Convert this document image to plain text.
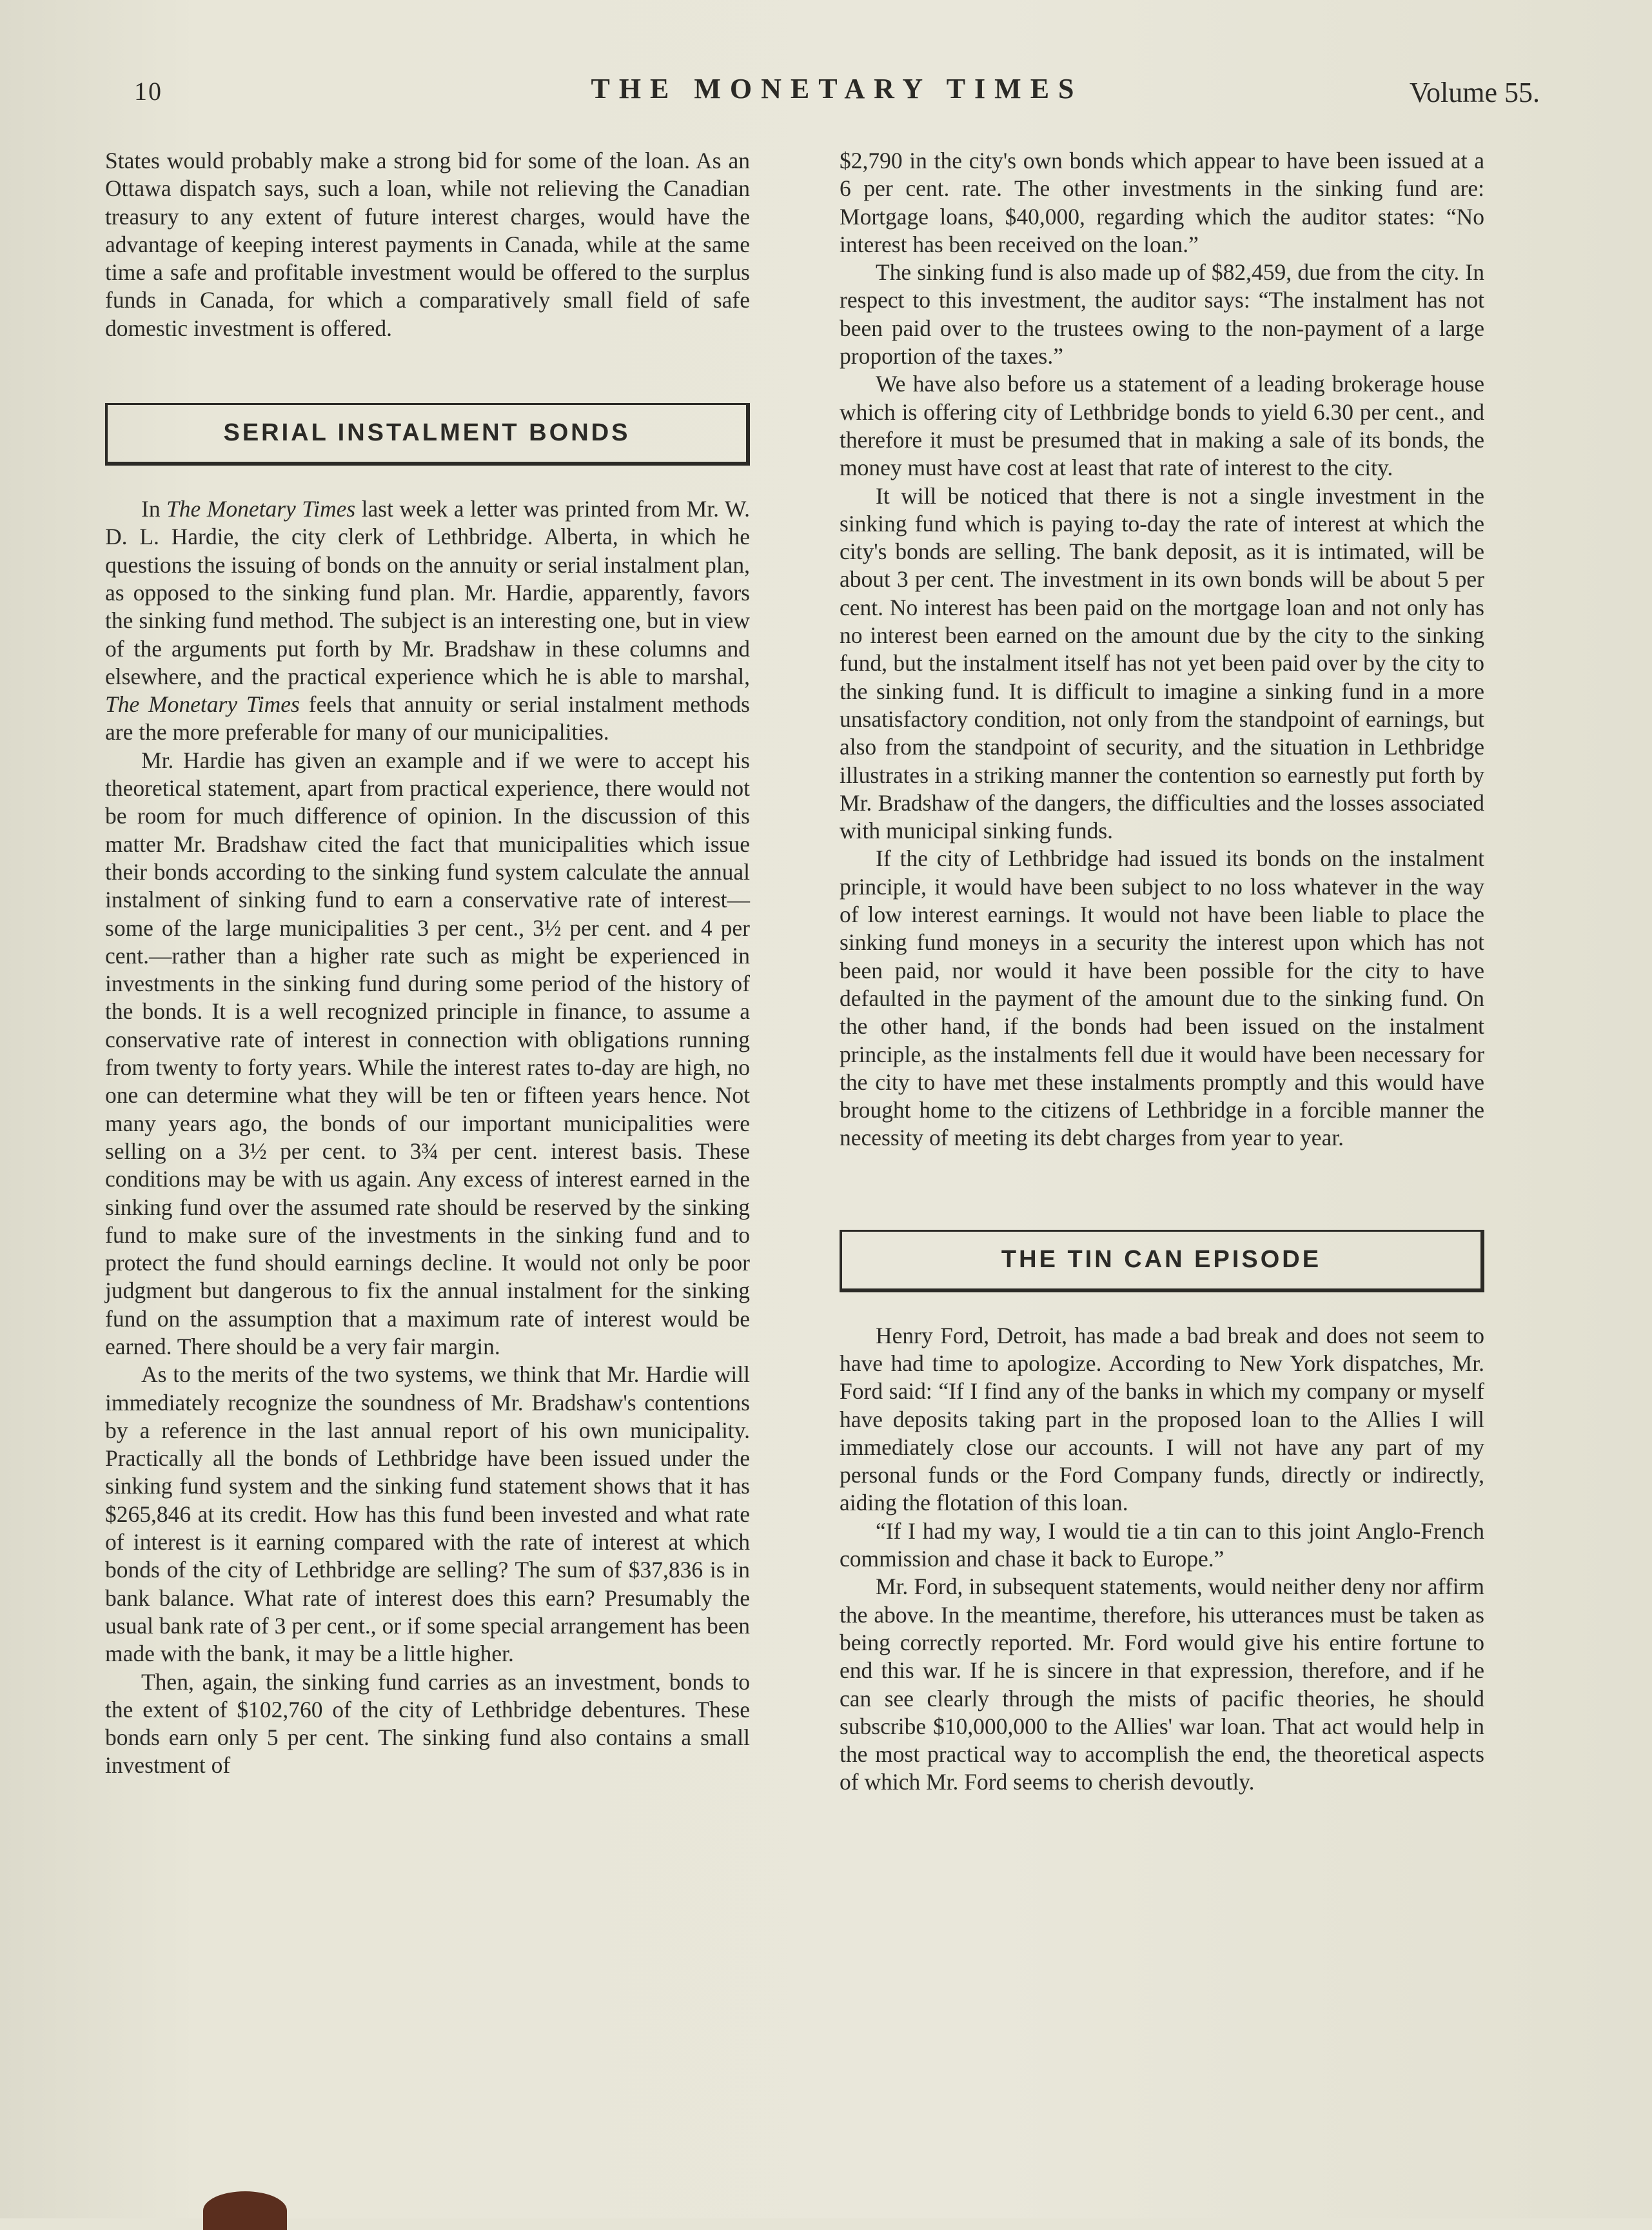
10	THE MONETARY TIMES	Volume 55.

States would probably make a strong bid for some of the loan. As an Ottawa dispatch says, such a loan, while not relieving the Canadian treasury to any extent of future interest charges, would have the advantage of keeping interest payments in Canada, while at the same time a safe and profitable investment would be offered to the surplus funds in Canada, for which a comparatively small field of safe domestic investment is offered.

SERIAL INSTALMENT BONDS

In The Monetary Times last week a letter was printed from Mr. W. D. L. Hardie, the city clerk of Lethbridge. Alberta, in which he questions the issuing of bonds on the annuity or serial instalment plan, as opposed to the sinking fund plan. Mr. Hardie, apparently, favors the sinking fund method. The subject is an interesting one, but in view of the arguments put forth by Mr. Bradshaw in these columns and elsewhere, and the practical experience which he is able to marshal, The Monetary Times feels that annuity or serial instalment methods are the more preferable for many of our municipalities.

Mr. Hardie has given an example and if we were to accept his theoretical statement, apart from practical experience, there would not be room for much difference of opinion. In the discussion of this matter Mr. Bradshaw cited the fact that municipalities which issue their bonds according to the sinking fund system calculate the annual instalment of sinking fund to earn a conservative rate of interest—some of the large municipalities 3 per cent., 3½ per cent. and 4 per cent.—rather than a higher rate such as might be experienced in investments in the sinking fund during some period of the history of the bonds. It is a well recognized principle in finance, to assume a conservative rate of interest in connection with obligations running from twenty to forty years. While the interest rates to-day are high, no one can determine what they will be ten or fifteen years hence. Not many years ago, the bonds of our important municipalities were selling on a 3½ per cent. to 3¾ per cent. interest basis. These conditions may be with us again. Any excess of interest earned in the sinking fund over the assumed rate should be reserved by the sinking fund to make sure of the investments in the sinking fund and to protect the fund should earnings decline. It would not only be poor judgment but dangerous to fix the annual instalment for the sinking fund on the assumption that a maximum rate of interest would be earned. There should be a very fair margin.

As to the merits of the two systems, we think that Mr. Hardie will immediately recognize the soundness of Mr. Bradshaw's contentions by a reference in the last annual report of his own municipality. Practically all the bonds of Lethbridge have been issued under the sinking fund system and the sinking fund statement shows that it has $265,846 at its credit. How has this fund been invested and what rate of interest is it earning compared with the rate of interest at which bonds of the city of Lethbridge are selling? The sum of $37,836 is in bank balance. What rate of interest does this earn? Presumably the usual bank rate of 3 per cent., or if some special arrangement has been made with the bank, it may be a little higher.

Then, again, the sinking fund carries as an investment, bonds to the extent of $102,760 of the city of Lethbridge debentures. These bonds earn only 5 per cent. The sinking fund also contains a small investment of

$2,790 in the city's own bonds which appear to have been issued at a 6 per cent. rate. The other investments in the sinking fund are: Mortgage loans, $40,000, regarding which the auditor states: “No interest has been received on the loan.”

The sinking fund is also made up of $82,459, due from the city. In respect to this investment, the auditor says: “The instalment has not been paid over to the trustees owing to the non-payment of a large proportion of the taxes.”

We have also before us a statement of a leading brokerage house which is offering city of Lethbridge bonds to yield 6.30 per cent., and therefore it must be presumed that in making a sale of its bonds, the money must have cost at least that rate of interest to the city.

It will be noticed that there is not a single investment in the sinking fund which is paying to-day the rate of interest at which the city's bonds are selling. The bank deposit, as it is intimated, will be about 3 per cent. The investment in its own bonds will be about 5 per cent. No interest has been paid on the mortgage loan and not only has no interest been earned on the amount due by the city to the sinking fund, but the instalment itself has not yet been paid over by the city to the sinking fund. It is difficult to imagine a sinking fund in a more unsatisfactory condition, not only from the standpoint of earnings, but also from the standpoint of security, and the situation in Lethbridge illustrates in a striking manner the contention so earnestly put forth by Mr. Bradshaw of the dangers, the difficulties and the losses associated with municipal sinking funds.

If the city of Lethbridge had issued its bonds on the instalment principle, it would have been subject to no loss whatever in the way of low interest earnings. It would not have been liable to place the sinking fund moneys in a security the interest upon which has not been paid, nor would it have been possible for the city to have defaulted in the payment of the amount due to the sinking fund. On the other hand, if the bonds had been issued on the instalment principle, as the instalments fell due it would have been necessary for the city to have met these instalments promptly and this would have brought home to the citizens of Lethbridge in a forcible manner the necessity of meeting its debt charges from year to year.

THE TIN CAN EPISODE

Henry Ford, Detroit, has made a bad break and does not seem to have had time to apologize. According to New York dispatches, Mr. Ford said: “If I find any of the banks in which my company or myself have deposits taking part in the proposed loan to the Allies I will immediately close our accounts. I will not have any part of my personal funds or the Ford Company funds, directly or indirectly, aiding the flotation of this loan.

“If I had my way, I would tie a tin can to this joint Anglo-French commission and chase it back to Europe.”

Mr. Ford, in subsequent statements, would neither deny nor affirm the above. In the meantime, therefore, his utterances must be taken as being correctly reported. Mr. Ford would give his entire fortune to end this war. If he is sincere in that expression, therefore, and if he can see clearly through the mists of pacific theories, he should subscribe $10,000,000 to the Allies' war loan. That act would help in the most practical way to accomplish the end, the theoretical aspects of which Mr. Ford seems to cherish devoutly.
